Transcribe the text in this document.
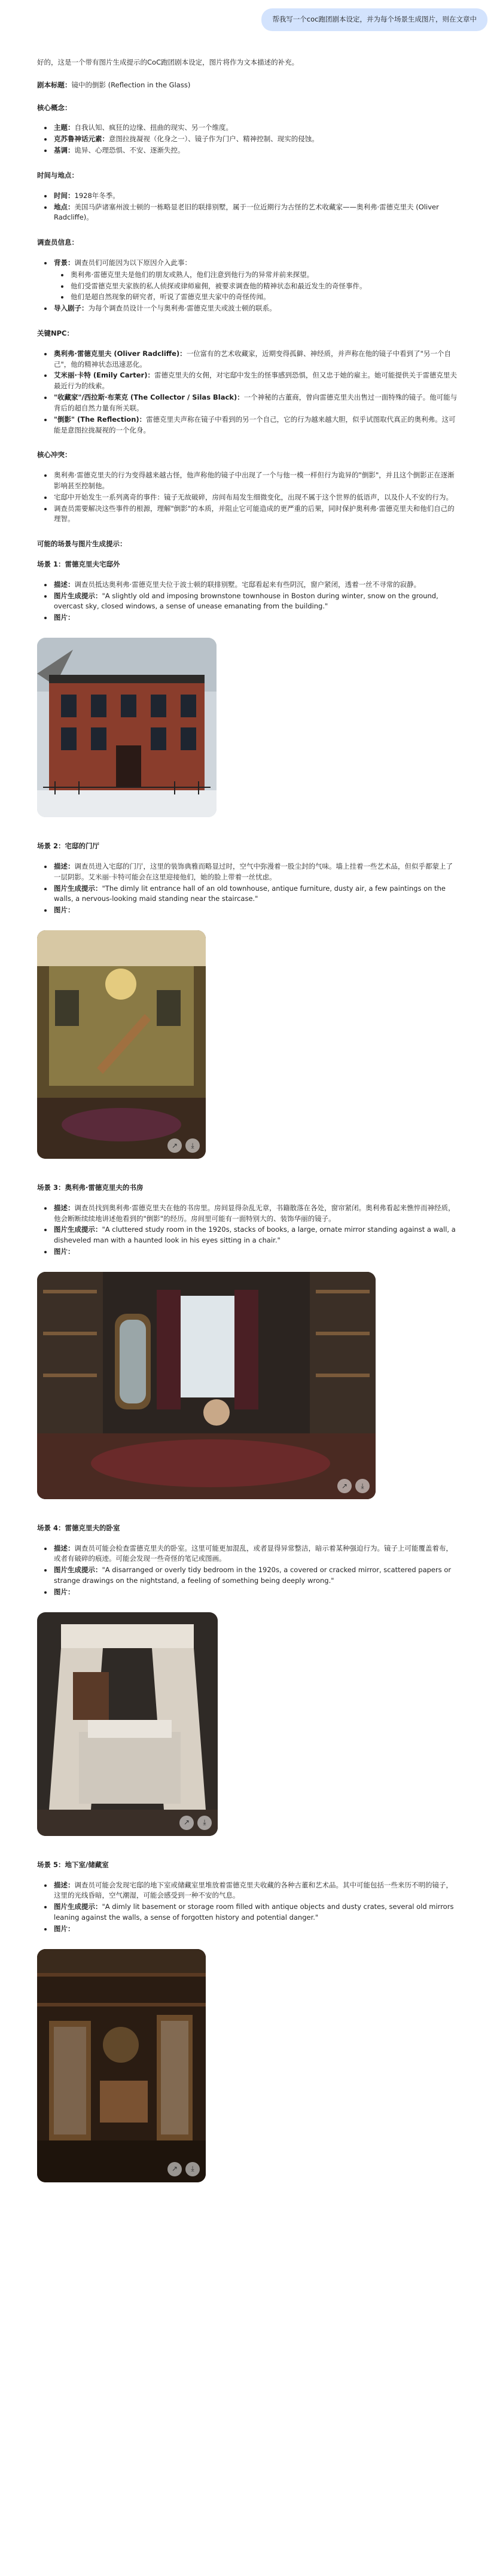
帮我写一个coc跑团剧本设定，并为每个场景生成图片，则在文章中

好的，这是一个带有图片生成提示的CoC跑团剧本设定，图片将作为文本描述的补充。

剧本标题：镜中的倒影 (Reflection in the Glass)

核心概念：
主题：自我认知、疯狂的边缘、扭曲的现实、另一个维度。
克苏鲁神话元素：意图拉拢凝视（化身之一）、镜子作为门户、精神控制、现实的侵蚀。
基调：诡异、心理恐惧、不安、逐渐失控。
时间与地点：
时间：1928年冬季。
地点：美国马萨诸塞州波士顿的一栋略显老旧的联排别墅，属于一位近期行为古怪的艺术收藏家——奥利弗·雷德克里夫 (Oliver Radcliffe)。
调查员信息：
背景：调查员们可能因为以下原因介入此事：
奥利弗·雷德克里夫是他们的朋友或熟人，他们注意到他行为的异常并前来探望。
他们受雷德克里夫家族的私人侦探或律师雇佣，被要求调查他的精神状态和最近发生的奇怪事件。
他们是超自然现象的研究者，听说了雷德克里夫家中的奇怪传闻。
导入剧子：为每个调查员设计一个与奥利弗·雷德克里夫或波士顿的联系。
关键NPC：
奥利弗·雷德克里夫 (Oliver Radcliffe)：一位富有的艺术收藏家，近期变得孤僻、神经质，并声称在他的镜子中看到了"另一个自己"，他的精神状态迅速恶化。
艾米丽·卡特 (Emily Carter)：雷德克里夫的女佣，对宅邸中发生的怪事感到恐惧，但又忠于她的雇主。她可能提供关于雷德克里夫最近行为的线索。
"收藏家"/西拉斯·布莱克 (The Collector / Silas Black)：一个神秘的古董商，曾向雷德克里夫出售过一面特殊的镜子。他可能与背后的超自然力量有所关联。
"倒影" (The Reflection)：雷德克里夫声称在镜子中看到的另一个自己，它的行为越来越大胆，似乎试图取代真正的奥利弗。这可能是意图拉拢凝视的一个化身。
核心冲突：
奥利弗·雷德克里夫的行为变得越来越古怪，他声称他的镜子中出现了一个与他一模一样但行为诡异的"倒影"，并且这个倒影正在逐渐影响甚至控制他。
宅邸中开始发生一系列离奇的事件：镜子无故破碎，房间布局发生细微变化，出现不属于这个世界的低语声，以及仆人不安的行为。
调查员需要解决这些事件的根源，理解"倒影"的本质，并阻止它可能造成的更严重的后果，同时保护奥利弗·雷德克里夫和他们自己的理智。
可能的场景与图片生成提示：
场景 1：雷德克里夫宅邸外
描述：调查员抵达奥利弗·雷德克里夫位于波士顿的联排别墅。宅邸看起来有些阴沉，窗户紧闭，透着一丝不寻常的寂静。
图片生成提示："A slightly old and imposing brownstone townhouse in Boston during winter, snow on the ground, overcast sky, closed windows, a sense of unease emanating from the building."
图片：
场景 2：宅邸的门厅
描述：调查员进入宅邸的门厅，这里的装饰典雅而略显过时，空气中弥漫着一股尘封的气味。墙上挂着一些艺术品，但似乎都蒙上了一层阴影。艾米丽·卡特可能会在这里迎接他们，她的脸上带着一丝忧虑。
图片生成提示："The dimly lit entrance hall of an old townhouse, antique furniture, dusty air, a few paintings on the walls, a nervous-looking maid standing near the staircase."
图片：
↗	⤓
场景 3：奥利弗·雷德克里夫的书房
描述：调查员找到奥利弗·雷德克里夫在他的书房里。房间显得杂乱无章，书籍散落在各处，窗帘紧闭。奥利弗看起来憔悴而神经质，他会断断续续地讲述他看到的"倒影"的经历。房间里可能有一面特别大的、装饰华丽的镜子。
图片生成提示："A cluttered study room in the 1920s, stacks of books, a large, ornate mirror standing against a wall, a disheveled man with a haunted look in his eyes sitting in a chair."
图片：
↗	⤓
场景 4：雷德克里夫的卧室
描述：调查员可能会检查雷德克里夫的卧室。这里可能更加混乱，或者显得异常整洁，暗示着某种强迫行为。镜子上可能覆盖着布，或者有破碎的痕迹。可能会发现一些奇怪的笔记或图画。
图片生成提示："A disarranged or overly tidy bedroom in the 1920s, a covered or cracked mirror, scattered papers or strange drawings on the nightstand, a feeling of something being deeply wrong."
图片：
↗	⤓
场景 5：地下室/储藏室
描述：调查员可能会发现宅邸的地下室或储藏室里堆放着雷德克里夫收藏的各种古董和艺术品。其中可能包括一些来历不明的镜子，这里的光线昏暗，空气潮湿，可能会感受到一种不安的气息。
图片生成提示："A dimly lit basement or storage room filled with antique objects and dusty crates, several old mirrors leaning against the walls, a sense of forgotten history and potential danger."
图片：
↗	⤓
